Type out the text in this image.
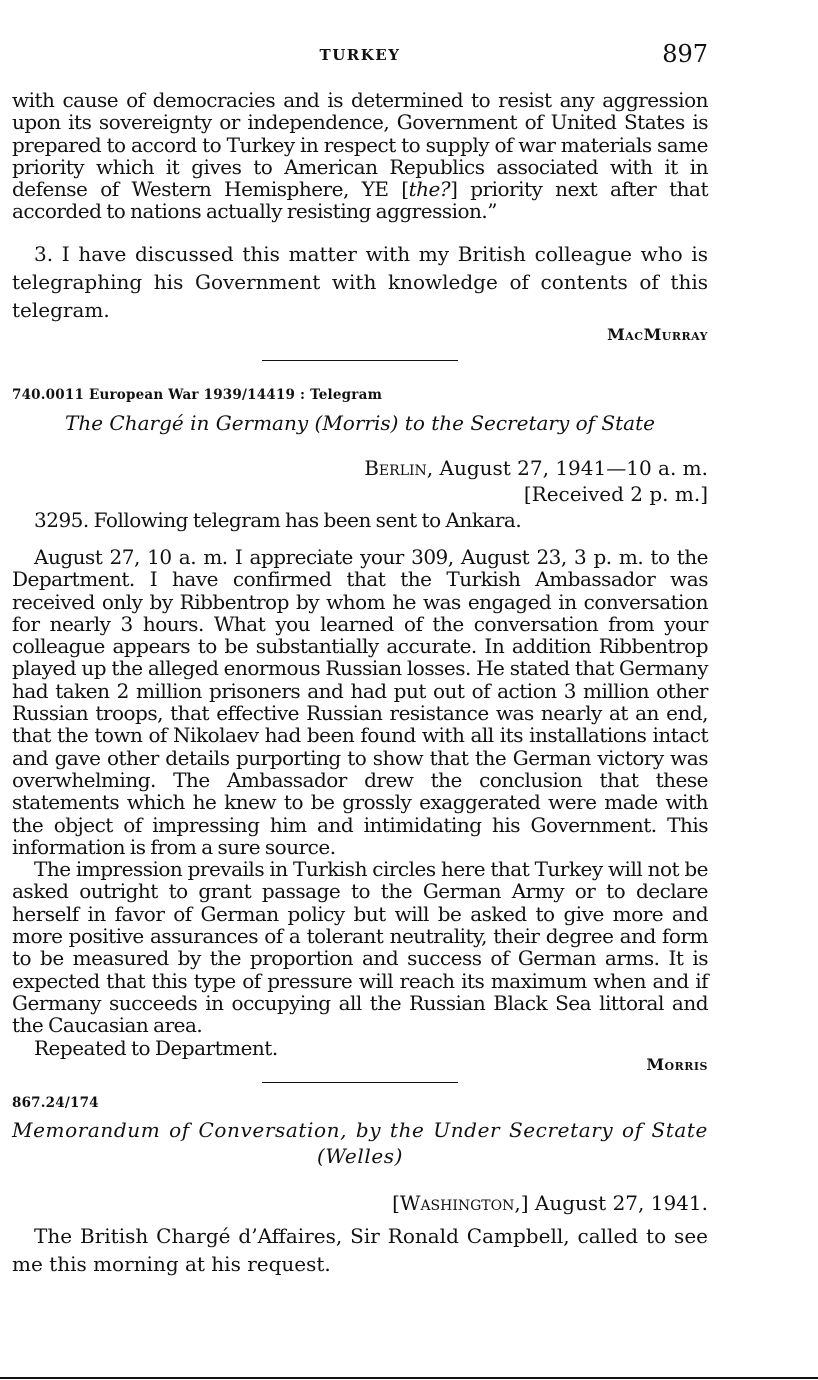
TURKEY	897

with cause of democracies and is determined to resist any aggression upon its sovereignty or independence, Government of United States is prepared to accord to Turkey in respect to supply of war materials same priority which it gives to American Republics associated with it in defense of Western Hemisphere, YE [the?] priority next after that accorded to nations actually resisting aggression.”

3. I have discussed this matter with my British colleague who is telegraphing his Government with knowledge of contents of this telegram.

MacMurray
740.0011 European War 1939/14419 : Telegram
The Chargé in Germany (Morris) to the Secretary of State
Berlin, August 27, 1941—10 a. m.
[Received 2 p. m.]

3295. Following telegram has been sent to Ankara.

August 27, 10 a. m. I appreciate your 309, August 23, 3 p. m. to the Department. I have confirmed that the Turkish Ambassador was received only by Ribbentrop by whom he was engaged in conversation for nearly 3 hours. What you learned of the conversation from your colleague appears to be substantially accurate. In addition Ribbentrop played up the alleged enormous Russian losses. He stated that Germany had taken 2 million prisoners and had put out of action 3 million other Russian troops, that effective Russian resistance was nearly at an end, that the town of Nikolaev had been found with all its installations intact and gave other details purporting to show that the German victory was overwhelming. The Ambassador drew the conclusion that these statements which he knew to be grossly exaggerated were made with the object of impressing him and intimidating his Government. This information is from a sure source.

The impression prevails in Turkish circles here that Turkey will not be asked outright to grant passage to the German Army or to declare herself in favor of German policy but will be asked to give more and more positive assurances of a tolerant neutrality, their degree and form to be measured by the proportion and success of German arms. It is expected that this type of pressure will reach its maximum when and if Germany succeeds in occupying all the Russian Black Sea littoral and the Caucasian area.

Repeated to Department.

Morris
867.24/174
Memorandum of Conversation, by the Under Secretary of State (Welles)
[Washington,] August 27, 1941.

The British Chargé d’Affaires, Sir Ronald Campbell, called to see me this morning at his request.
